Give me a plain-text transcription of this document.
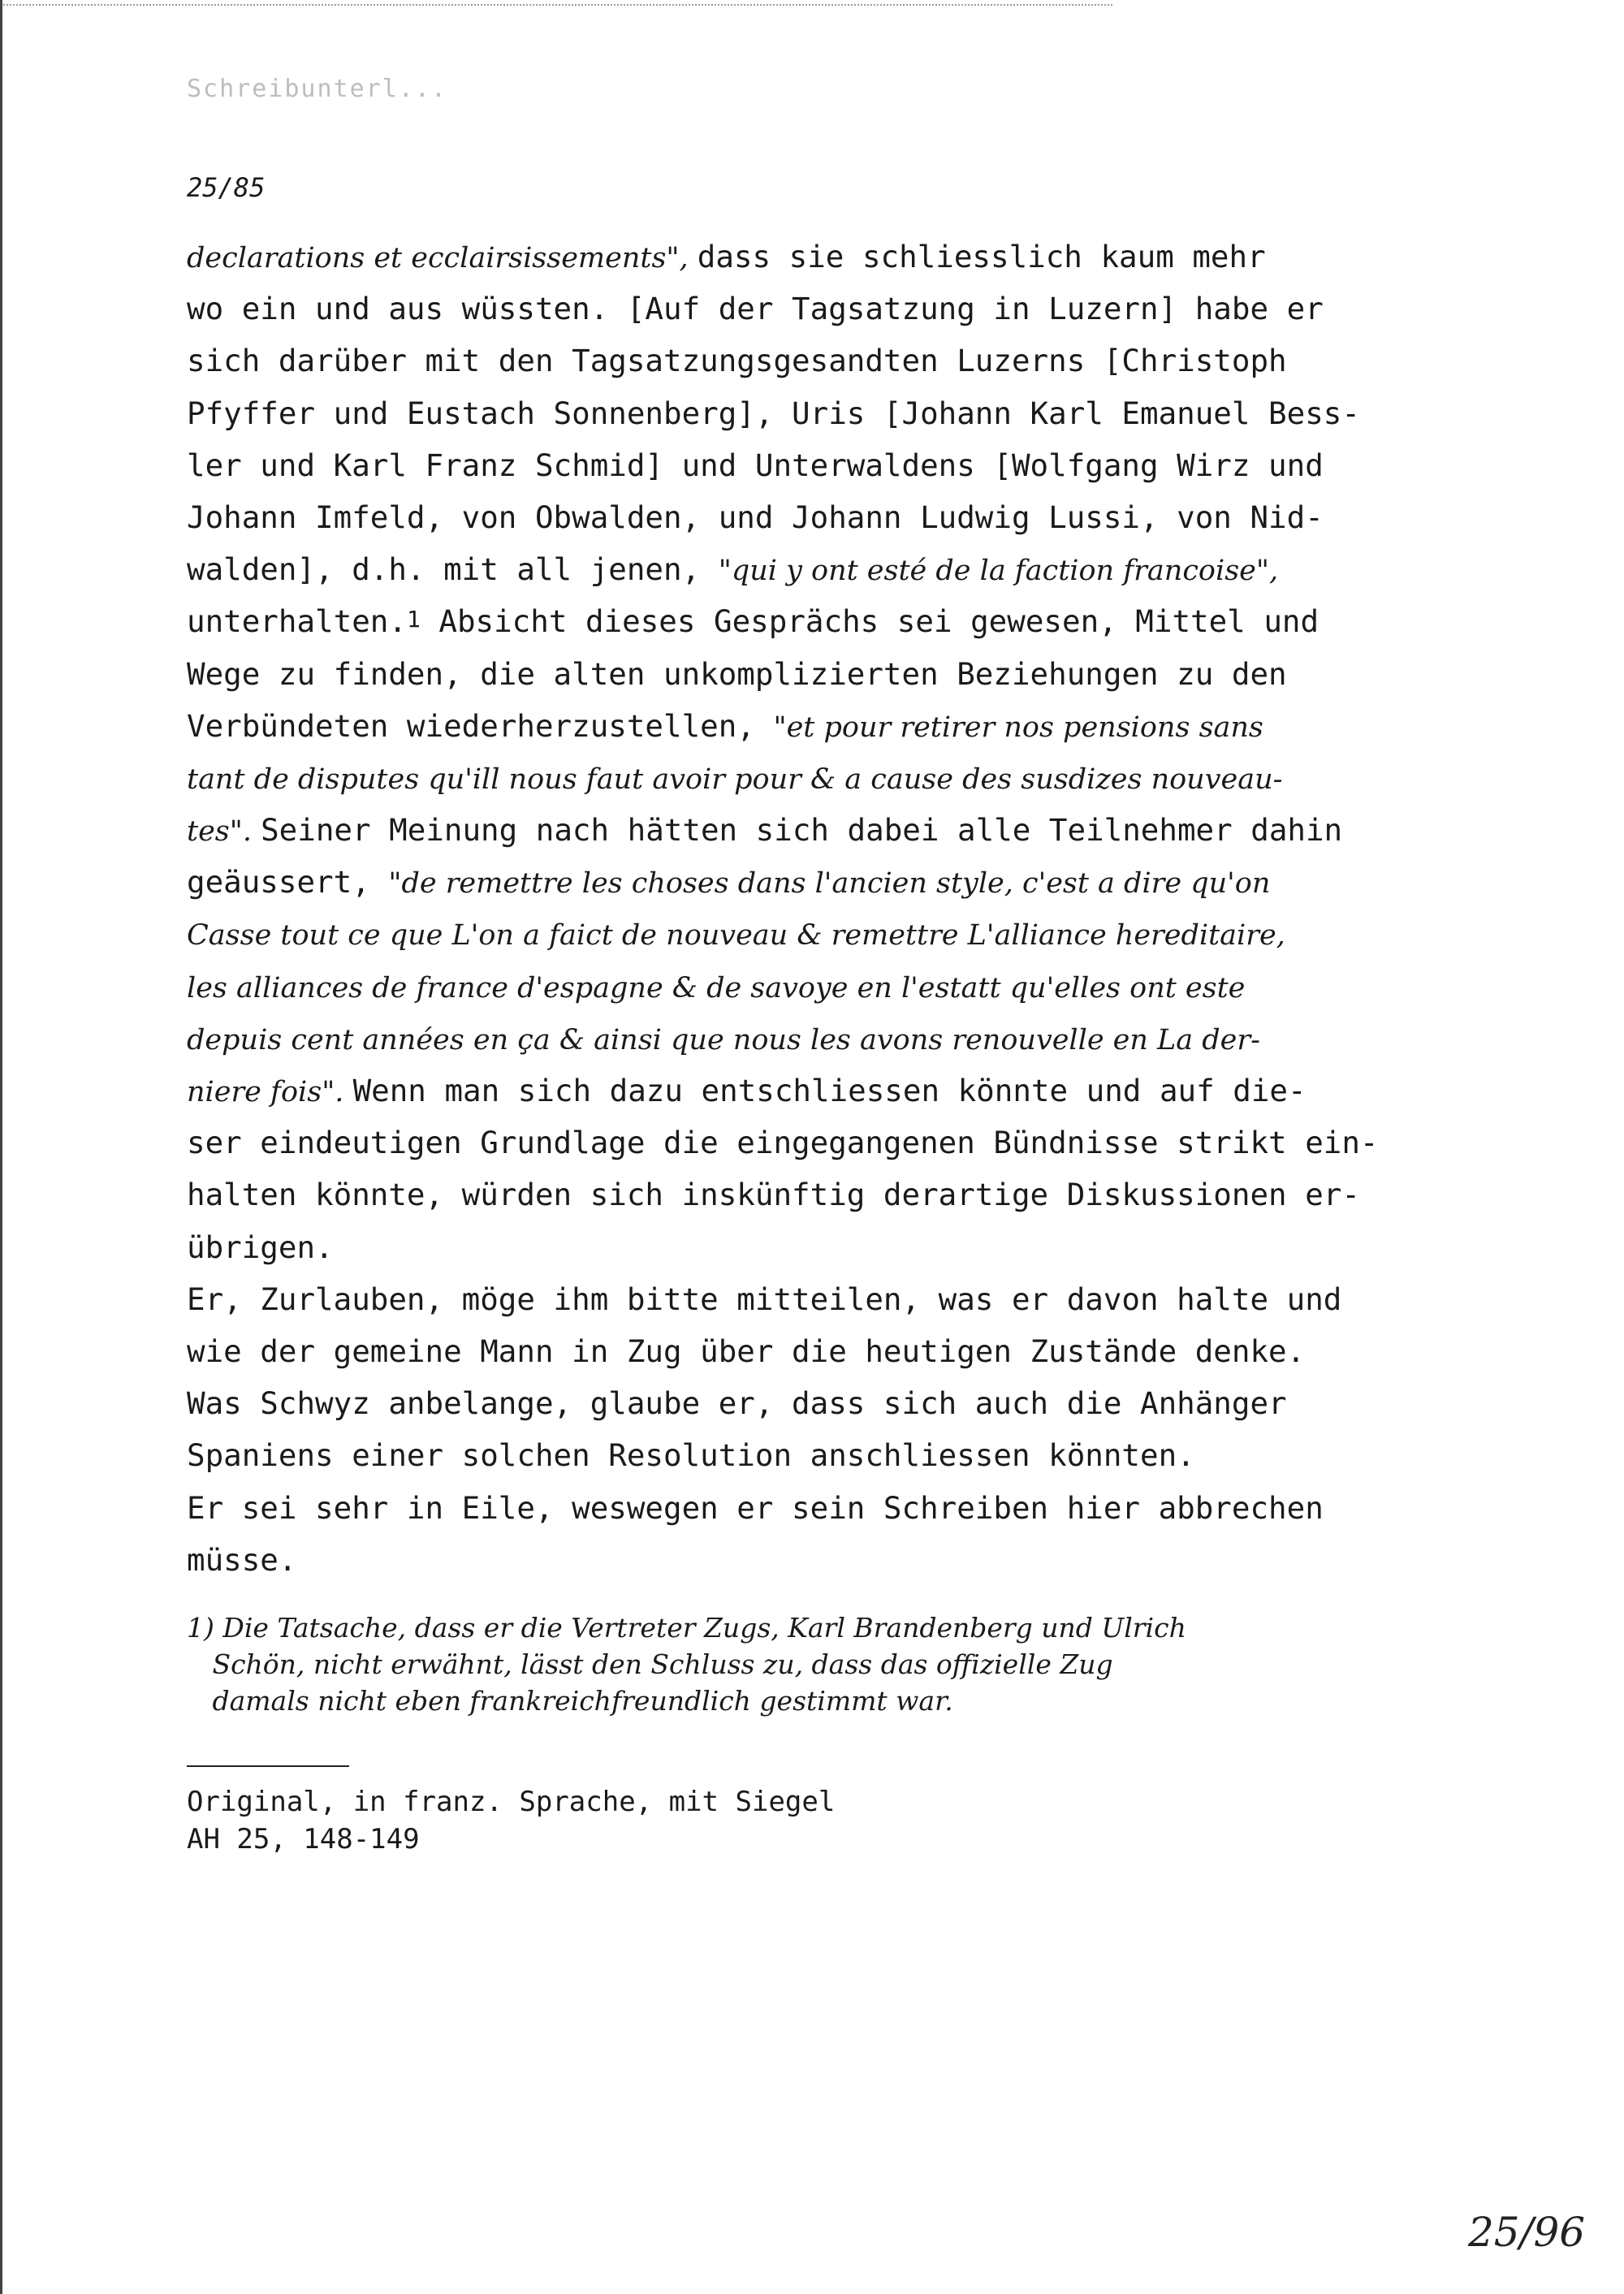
Schreibunterl...
25/85
declarations et ecclairsissements", dass sie schliesslich kaum mehr
wo ein und aus wüssten. [Auf der Tagsatzung in Luzern] habe er
sich darüber mit den Tagsatzungsgesandten Luzerns [Christoph
Pfyffer und Eustach Sonnenberg], Uris [Johann Karl Emanuel Bess-
ler und Karl Franz Schmid] und Unterwaldens [Wolfgang Wirz und
Johann Imfeld, von Obwalden, und Johann Ludwig Lussi, von Nid-
walden], d.h. mit all jenen, "qui y ont esté de la faction francoise",
unterhalten.$^1$ Absicht dieses Gesprächs sei gewesen, Mittel und
Wege zu finden, die alten unkomplizierten Beziehungen zu den
Verbündeten wiederherzustellen, "et pour retirer nos pensions sans
tant de disputes qu'ill nous faut avoir pour & a cause des susdizes nouveau-
tes". Seiner Meinung nach hätten sich dabei alle Teilnehmer dahin
geäussert, "de remettre les choses dans l'ancien style, c'est a dire qu'on
Casse tout ce que L'on a faict de nouveau & remettre L'alliance hereditaire,
les alliances de france d'espagne & de savoye en l'estatt qu'elles ont este
depuis cent années en ça & ainsi que nous les avons renouvelle en La der-
niere fois". Wenn man sich dazu entschliessen könnte und auf die-
ser eindeutigen Grundlage die eingegangenen Bündnisse strikt ein-
halten könnte, würden sich inskünftig derartige Diskussionen er-
übrigen.
Er, Zurlauben, möge ihm bitte mitteilen, was er davon halte und
wie der gemeine Mann in Zug über die heutigen Zustände denke.
Was Schwyz anbelange, glaube er, dass sich auch die Anhänger
Spaniens einer solchen Resolution anschliessen könnten.
Er sei sehr in Eile, weswegen er sein Schreiben hier abbrechen
müsse.
1) Die Tatsache, dass er die Vertreter Zugs, Karl Brandenberg und Ulrich
Schön, nicht erwähnt, lässt den Schluss zu, dass das offizielle Zug
damals nicht eben frankreichfreundlich gestimmt war.
Original, in franz. Sprache, mit Siegel
AH 25, 148-149
25/96
